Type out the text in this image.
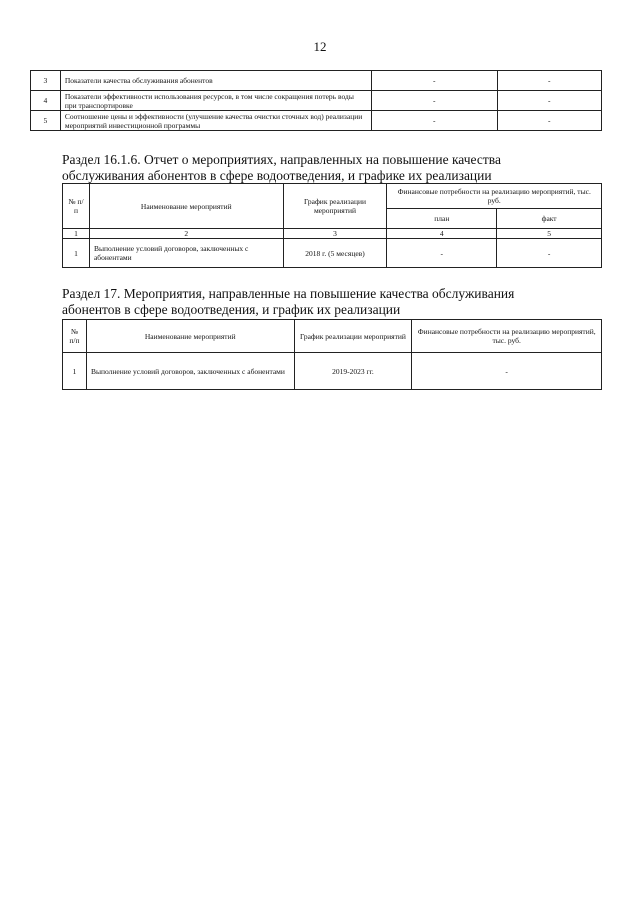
12
3	Показатели качества обслуживания абонентов	-	-
4	Показатели эффективности использования ресурсов, в том числе сокращения потерь воды при транспортировке	-	-
5	Соотношение цены и эффективности (улучшение качества очистки сточных вод) реализации мероприятий инвестиционной программы	-	-
Раздел 16.1.6. Отчет о мероприятиях, направленных на повышение качества
обслуживания абонентов в сфере водоотведения, и графике их реализации
№ п/п	Наименование мероприятий	График реализации мероприятий	Финансовые потребности на реализацию мероприятий, тыс. руб.	
			план	факт
1	2	3	4	5
1	Выполнение условий договоров, заключенных с абонентами	2018 г. (5 месяцев)	-	-
Раздел 17. Мероприятия, направленные на повышение качества обслуживания
абонентов в сфере водоотведения, и график их реализации
№ п/п	Наименование мероприятий	График реализации мероприятий	Финансовые потребности на реализацию мероприятий, тыс. руб.
1	Выполнение условий договоров, заключенных с абонентами	2019-2023 гг.	-
